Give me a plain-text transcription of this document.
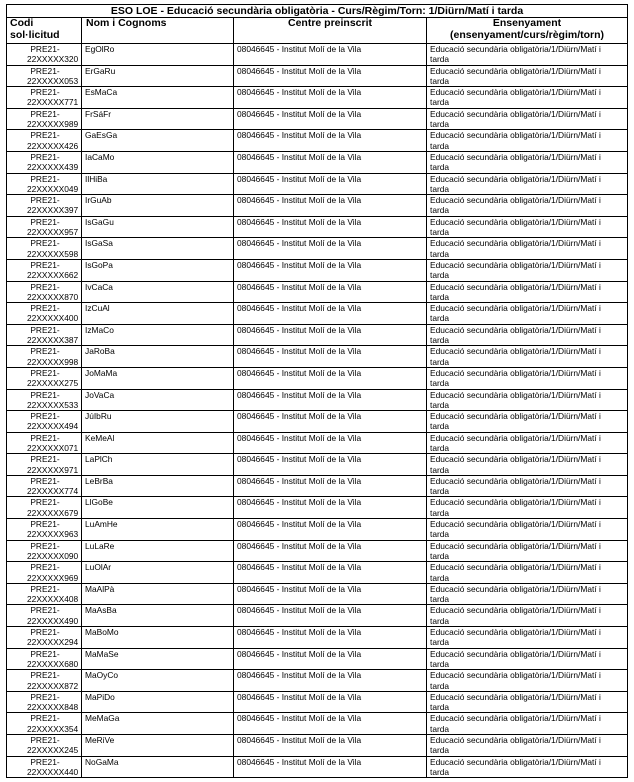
ESO LOE - Educació secundària obligatòria - Curs/Règim/Torn: 1/Diürn/Matí i tarda			
Codi
sol·licitud	Nom i Cognoms	Centre preinscrit	Ensenyament
(ensenyament/curs/règim/torn)

PRE21-
22XXXXX320	EgOlRo	08046645 - Institut Molí de la Vila	Educació secundària obligatòria/1/Diürn/Matí i
tarda

PRE21-
22XXXXX053	ErGaRu	08046645 - Institut Molí de la Vila	Educació secundària obligatòria/1/Diürn/Matí i
tarda

PRE21-
22XXXXX771	EsMaCa	08046645 - Institut Molí de la Vila	Educació secundària obligatòria/1/Diürn/Matí i
tarda

PRE21-
22XXXXX989	FrSáFr	08046645 - Institut Molí de la Vila	Educació secundària obligatòria/1/Diürn/Matí i
tarda

PRE21-
22XXXXX426	GaEsGa	08046645 - Institut Molí de la Vila	Educació secundària obligatòria/1/Diürn/Matí i
tarda

PRE21-
22XXXXX439	IaCaMo	08046645 - Institut Molí de la Vila	Educació secundària obligatòria/1/Diürn/Matí i
tarda

PRE21-
22XXXXX049	IlHiBa	08046645 - Institut Molí de la Vila	Educació secundària obligatòria/1/Diürn/Matí i
tarda

PRE21-
22XXXXX397	IrGuAb	08046645 - Institut Molí de la Vila	Educació secundària obligatòria/1/Diürn/Matí i
tarda

PRE21-
22XXXXX957	IsGaGu	08046645 - Institut Molí de la Vila	Educació secundària obligatòria/1/Diürn/Matí i
tarda

PRE21-
22XXXXX598	IsGaSa	08046645 - Institut Molí de la Vila	Educació secundària obligatòria/1/Diürn/Matí i
tarda

PRE21-
22XXXXX662	IsGoPa	08046645 - Institut Molí de la Vila	Educació secundària obligatòria/1/Diürn/Matí i
tarda

PRE21-
22XXXXX870	IvCaCa	08046645 - Institut Molí de la Vila	Educació secundària obligatòria/1/Diürn/Matí i
tarda

PRE21-
22XXXXX400	IzCuAl	08046645 - Institut Molí de la Vila	Educació secundària obligatòria/1/Diürn/Matí i
tarda

PRE21-
22XXXXX387	IzMaCo	08046645 - Institut Molí de la Vila	Educació secundària obligatòria/1/Diürn/Matí i
tarda

PRE21-
22XXXXX998	JaRoBa	08046645 - Institut Molí de la Vila	Educació secundària obligatòria/1/Diürn/Matí i
tarda

PRE21-
22XXXXX275	JoMaMa	08046645 - Institut Molí de la Vila	Educació secundària obligatòria/1/Diürn/Matí i
tarda

PRE21-
22XXXXX533	JoVaCa	08046645 - Institut Molí de la Vila	Educació secundària obligatòria/1/Diürn/Matí i
tarda

PRE21-
22XXXXX494	JúIbRu	08046645 - Institut Molí de la Vila	Educació secundària obligatòria/1/Diürn/Matí i
tarda

PRE21-
22XXXXX071	KeMeAl	08046645 - Institut Molí de la Vila	Educació secundària obligatòria/1/Diürn/Matí i
tarda

PRE21-
22XXXXX971	LaPlCh	08046645 - Institut Molí de la Vila	Educació secundària obligatòria/1/Diürn/Matí i
tarda

PRE21-
22XXXXX774	LeBrBa	08046645 - Institut Molí de la Vila	Educació secundària obligatòria/1/Diürn/Matí i
tarda

PRE21-
22XXXXX679	LlGoBe	08046645 - Institut Molí de la Vila	Educació secundària obligatòria/1/Diürn/Matí i
tarda

PRE21-
22XXXXX963	LuAmHe	08046645 - Institut Molí de la Vila	Educació secundària obligatòria/1/Diürn/Matí i
tarda

PRE21-
22XXXXX090	LuLaRe	08046645 - Institut Molí de la Vila	Educació secundària obligatòria/1/Diürn/Matí i
tarda

PRE21-
22XXXXX969	LuOlAr	08046645 - Institut Molí de la Vila	Educació secundària obligatòria/1/Diürn/Matí i
tarda

PRE21-
22XXXXX408	MaAlPà	08046645 - Institut Molí de la Vila	Educació secundària obligatòria/1/Diürn/Matí i
tarda

PRE21-
22XXXXX490	MaAsBa	08046645 - Institut Molí de la Vila	Educació secundària obligatòria/1/Diürn/Matí i
tarda

PRE21-
22XXXXX294	MaBoMo	08046645 - Institut Molí de la Vila	Educació secundària obligatòria/1/Diürn/Matí i
tarda

PRE21-
22XXXXX680	MaMaSe	08046645 - Institut Molí de la Vila	Educació secundària obligatòria/1/Diürn/Matí i
tarda

PRE21-
22XXXXX872	MaOyCo	08046645 - Institut Molí de la Vila	Educació secundària obligatòria/1/Diürn/Matí i
tarda

PRE21-
22XXXXX848	MaPiDo	08046645 - Institut Molí de la Vila	Educació secundària obligatòria/1/Diürn/Matí i
tarda

PRE21-
22XXXXX354	MeMaGa	08046645 - Institut Molí de la Vila	Educació secundària obligatòria/1/Diürn/Matí i
tarda

PRE21-
22XXXXX245	MeRiVe	08046645 - Institut Molí de la Vila	Educació secundària obligatòria/1/Diürn/Matí i
tarda

PRE21-
22XXXXX440	NoGaMa	08046645 - Institut Molí de la Vila	Educació secundària obligatòria/1/Diürn/Matí i
tarda
